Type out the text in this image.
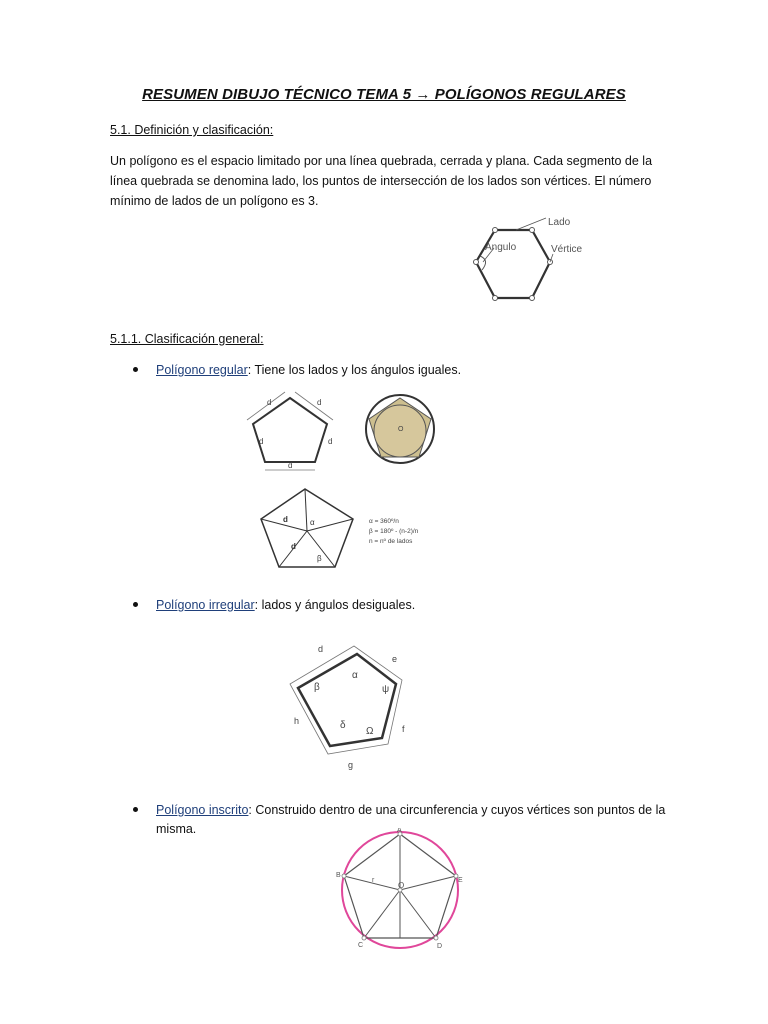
RESUMEN DIBUJO TÉCNICO TEMA 5 → POLÍGONOS REGULARES
5.1. Definición y clasificación:
Un polígono es el espacio limitado por una línea quebrada, cerrada y plana. Cada segmento de la línea quebrada se denomina lado, los puntos de intersección de los lados son vértices. El número mínimo de lados de un polígono es 3.
Angulo
Lado
Vértice
5.1.1. Clasificación general:
Polígono regular: Tiene los lados y los ángulos iguales.
d	d
d
d	d
O
d
d
α
β
α = 360º/n
β = 180º - (n-2)/n
n = nº de lados
Polígono irregular: lados y ángulos desiguales.
d
e
f
g
h
α
β	ψ
δ
Ω
Polígono inscrito: Construido dentro de una circunferencia y cuyos vértices son puntos de la misma.	A
B
C	D
E
O
r
